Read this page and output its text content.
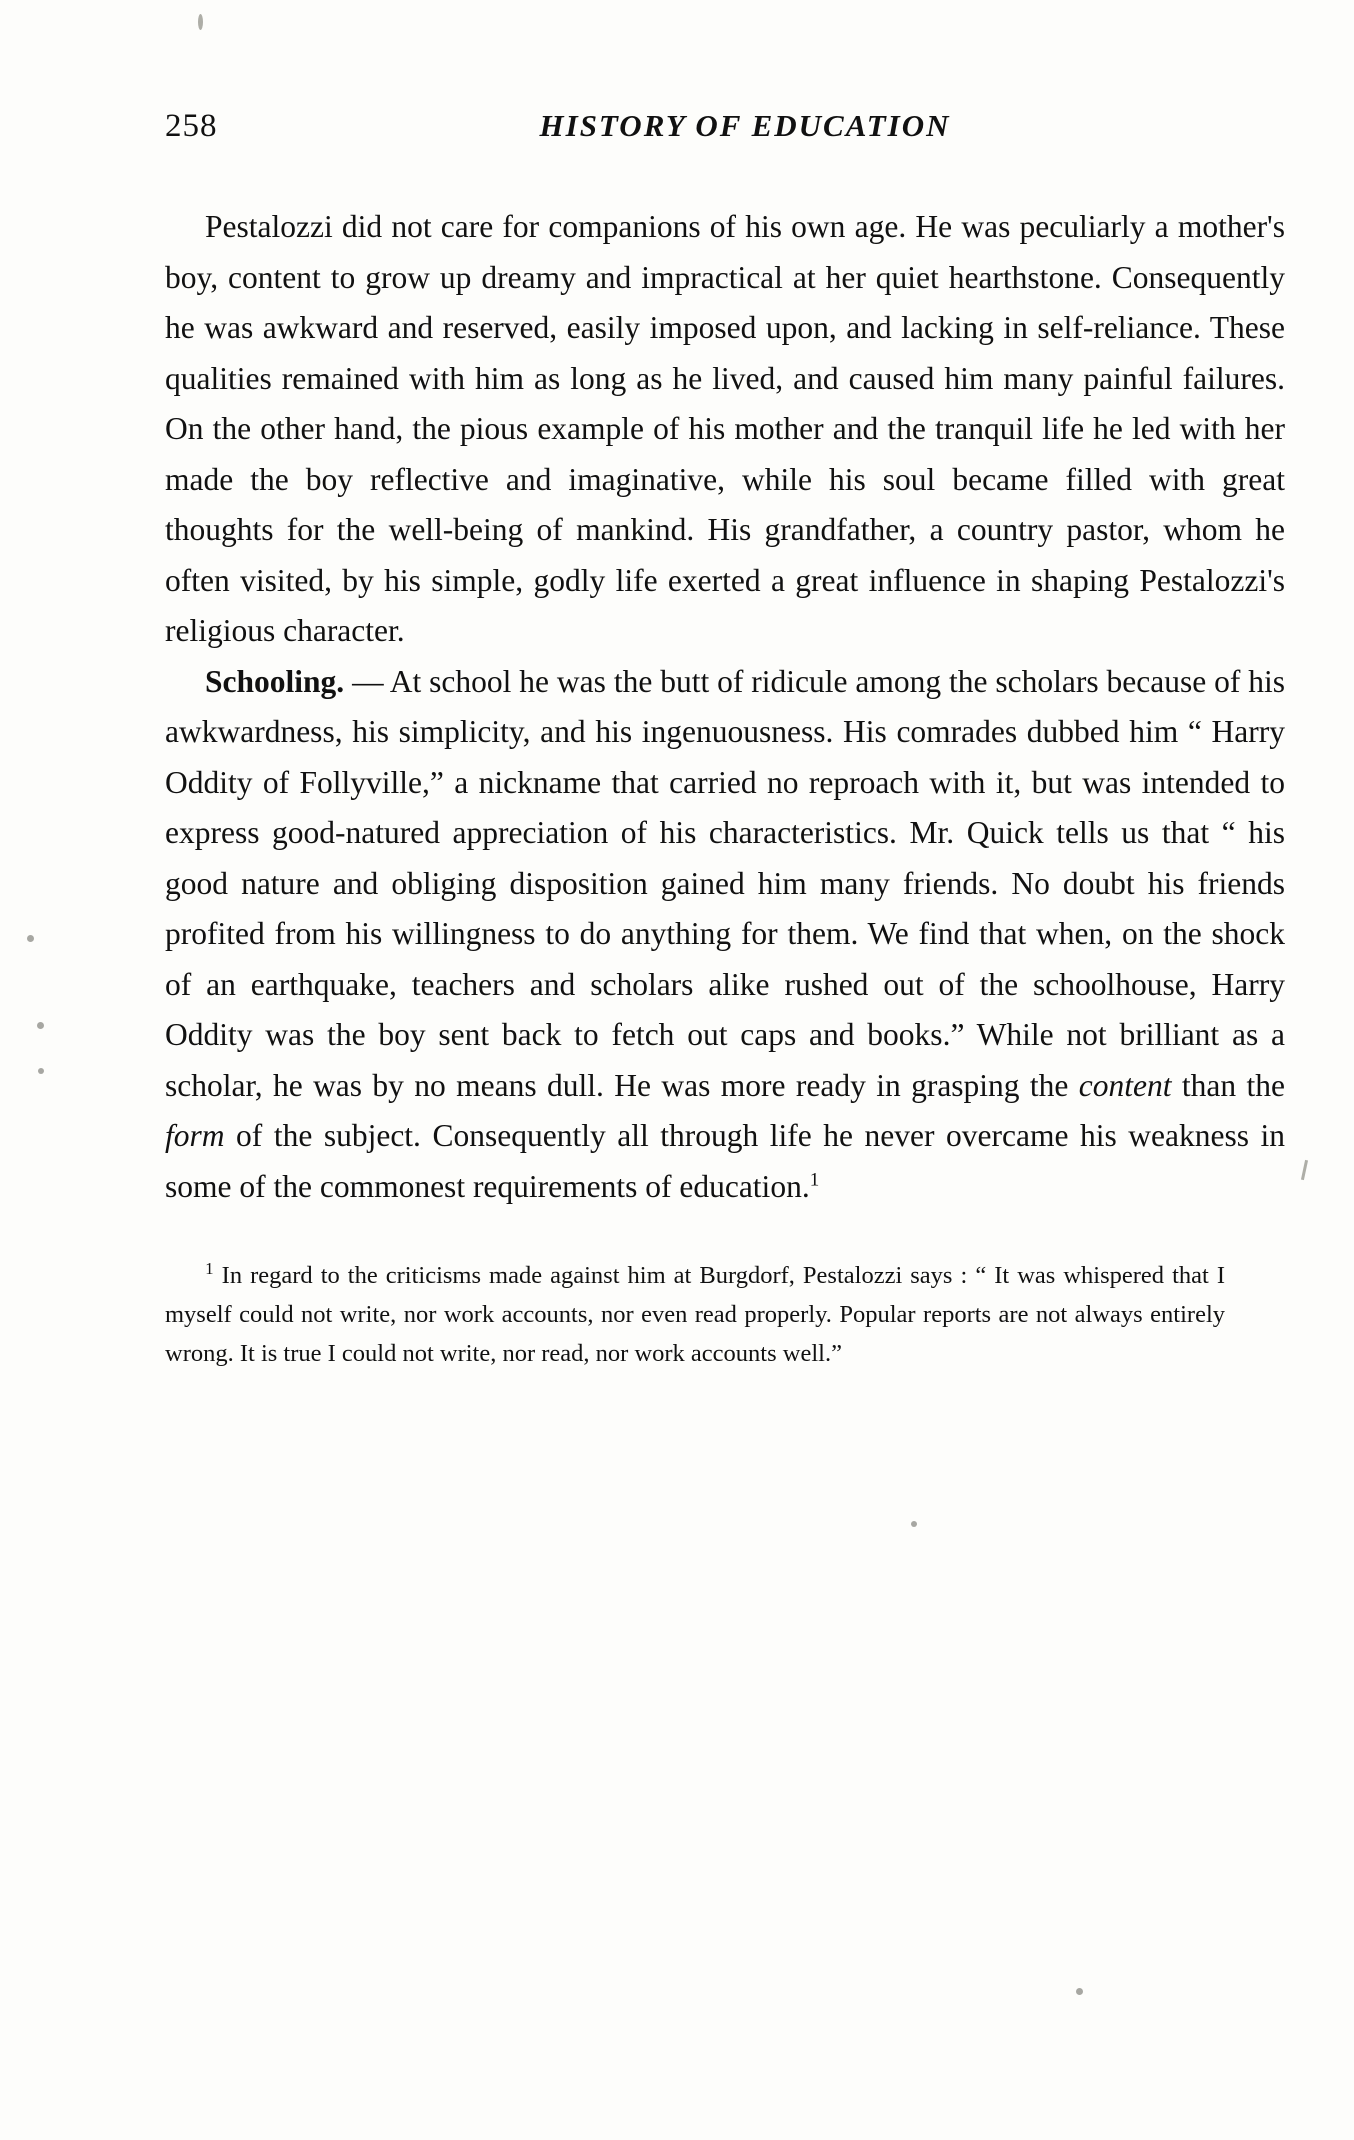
258	HISTORY OF EDUCATION

Pestalozzi did not care for companions of his own age. He was peculiarly a mother's boy, content to grow up dreamy and impractical at her quiet hearthstone. Consequently he was awkward and reserved, easily imposed upon, and lacking in self-reliance. These qualities remained with him as long as he lived, and caused him many painful failures. On the other hand, the pious example of his mother and the tranquil life he led with her made the boy reflective and imaginative, while his soul became filled with great thoughts for the well-being of mankind. His grandfather, a country pastor, whom he often visited, by his simple, godly life exerted a great influence in shaping Pestalozzi's religious character.

Schooling. — At school he was the butt of ridicule among the scholars because of his awkwardness, his simplicity, and his ingenuousness. His comrades dubbed him “ Harry Oddity of Follyville,” a nickname that carried no reproach with it, but was intended to express good-natured appreciation of his characteristics. Mr. Quick tells us that “ his good nature and obliging disposition gained him many friends. No doubt his friends profited from his willingness to do anything for them. We find that when, on the shock of an earthquake, teachers and scholars alike rushed out of the schoolhouse, Harry Oddity was the boy sent back to fetch out caps and books.” While not brilliant as a scholar, he was by no means dull. He was more ready in grasping the content than the form of the subject. Consequently all through life he never overcame his weakness in some of the commonest requirements of education.$^1$

$^1$ In regard to the criticisms made against him at Burgdorf, Pestalozzi says : “ It was whispered that I myself could not write, nor work accounts, nor even read properly. Popular reports are not always entirely wrong. It is true I could not write, nor read, nor work accounts well.”
